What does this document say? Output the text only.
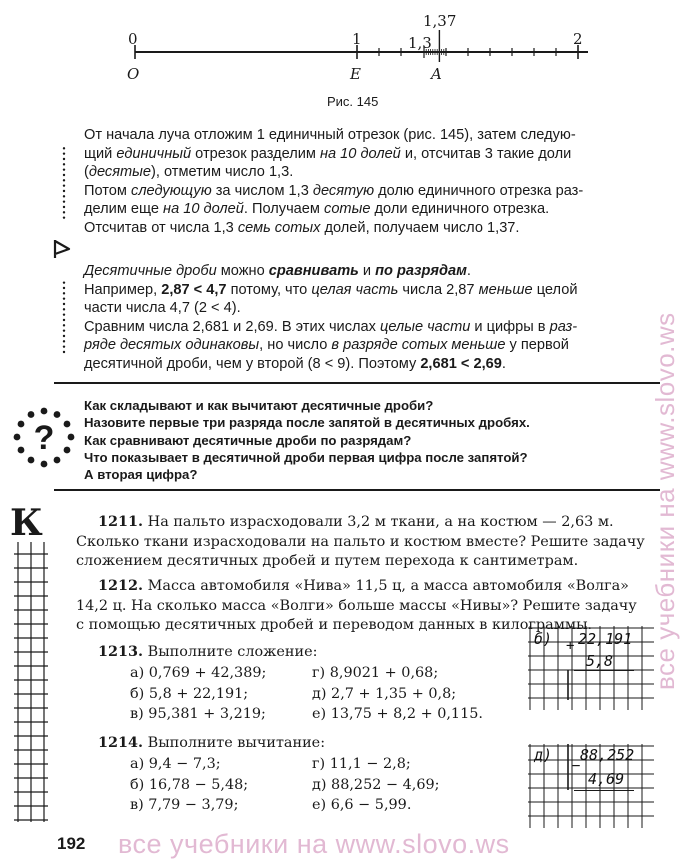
0	1	1,3
1,37
2
O	E	A
Рис. 145

От начала луча отложим 1 единичный отрезок (рис. 145), затем следую-

щий единичный отрезок разделим на 10 долей и, отсчитав 3 такие доли

(десятые), отметим число 1,3.

Потом следующую за числом 1,3 десятую долю единичного отрезка раз-

делим еще на 10 долей. Получаем сотые доли единичного отрезка.

Отсчитав от числа 1,3 семь сотых долей, получаем число 1,37.

Десятичные дроби можно сравнивать и по разрядам.

Например, 2,87 < 4,7 потому, что целая часть числа 2,87 меньше целой

части числа 4,7 (2 < 4).

Сравним числа 2,681 и 2,69. В этих числах целые части и цифры в раз-

ряде десятых одинаковы, но число в разряде сотых меньше у первой

десятичной дроби, чем у второй (8 < 9). Поэтому 2,681 < 2,69.

?

Как складывают и как вычитают десятичные дроби?

Назовите первые три разряда после запятой в десятичных дробях.

Как сравнивают десятичные дроби по разрядам?

Что показывает в десятичной дроби первая цифра после запятой?

А вторая цифра?

К	1211. На пальто израсходовали 3,2 м ткани, а на костюм — 2,63 м.

Сколько ткани израсходовали на пальто и костюм вместе? Решите задачу

сложением десятичных дробей и путем перехода к сантиметрам.

1212. Масса автомобиля «Нива» 11,5 ц, а масса автомобиля «Волга»

14,2 ц. На сколько масса «Волги» больше массы «Нивы»? Решите задачу

с помощью десятичных дробей и переводом данных в килограммы.

1213. Выполните сложение:
а) 0,769 + 42,389;
б) 5,8 + 22,191;
в) 95,381 + 3,219;
г) 8,9021 + 0,68;
д) 2,7 + 1,35 + 0,8;
е) 13,75 + 8,2 + 0,115.
б) + 22,191
5,8
1214. Выполните вычитание:
а) 9,4 − 7,3;
б) 16,78 − 5,48;
в) 7,79 − 3,79;
г) 11,1 − 2,8;
д) 88,252 − 4,69;
е) 6,6 − 5,99.
д)
−
88,252
4,69
192 все учебники на www.slovo.ws
все учебники на www.slovo.ws
